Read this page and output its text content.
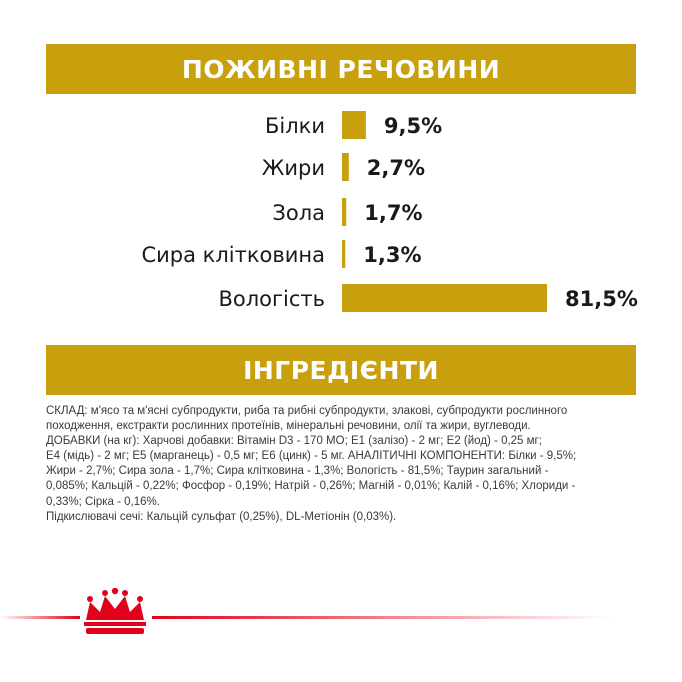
ПОЖИВНІ РЕЧОВИНИ
Білки	9,5%
Жири 2,7%
Зола 1,7%
Сира клітковина 1,3%
Вологість	81,5%
ІНГРЕДІЄНТИ
СКЛАД: м'ясо та м'ясні субпродукти, риба та рибні субпродукти, злакові, субпродукти рослинного
походження, екстракти рослинних протеїнів, мінеральні речовини, олії та жири, вуглеводи.
ДОБАВКИ (на кг): Харчові добавки: Вітамін D3 - 170 МО; Е1 (залізо) - 2 мг; Е2 (йод) - 0,25 мг;
Е4 (мідь) - 2 мг; Е5 (марганець) - 0,5 мг; Е6 (цинк) - 5 мг. АНАЛІТИЧНІ КОМПОНЕНТИ: Білки - 9,5%;
Жири - 2,7%; Сира зола - 1,7%; Сира клітковина - 1,3%; Вологість - 81,5%; Таурин загальний -
0,085%; Кальцій - 0,22%; Фосфор - 0,19%; Натрій - 0,26%; Магній - 0,01%; Калій - 0,16%; Хлориди -
0,33%; Сірка - 0,16%.
Підкислювачі сечі: Кальцій сульфат (0,25%), DL-Метіонін (0,03%).
